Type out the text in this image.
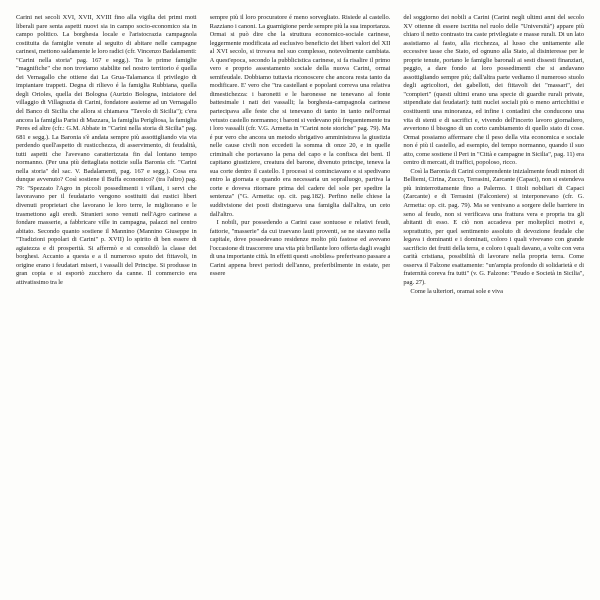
Carini nei secoli XVI, XVII, XVIII fino alla vigilia dei primi moti liberali pare senta aspetti nuovi sia in campo socio-economico sia in campo politico. La borghesia locale e l'aristocrazia campagnola costituita da famiglie venute al seguito di abitare nelle campagne carinesi, mettono saldamente le loro radici (cfr. Vincenzo Badalamenti: "Carini nella storia" pag. 167 e segg.). Tra le prime famiglie "magnifiche" che non troviamo stabilite nel nostro territorio é quella dei Vernagallo che ottiene dai La Grua-Talamanca il privilegio di impiantare trappeti. Degna di rilievo é la famiglia Rubbiana, quella degli Orioles, quella dei Bologna (Aurizio Bologna, iniziatore del villaggio di Villagrazia di Carini, fondatore assieme ad un Vernagallo del Banco di Sicilia che allora si chiamava "Tavolo di Sicilia"); c'era ancora la famiglia Parisi di Mazzara, la famiglia Perigliosa, la famiglia Peres ed altre (cfr.: G.M. Abbate in "Carini nella storia di Sicilia" pag. 681 e segg.). La Baronia s'è andata sempre più assottigliando via via perdendo quell'aspetto di rusticchezza, di asservimento, di feudalità, tutti aspetti che l'avevano caratterizzata fin dal lontano tempo normanno. (Per una più dettagliata notizie sulla Baronia cfr. "Carini nella storia" del sac. V. Badalamenti, pag. 167 e segg.). Cosa era dunque avvenuto? Così sostiene il Buffa economico? (tra l'altro) pag. 79: "Spezzato l'Agro in piccoli possedimenti i villani, i servi che lavoravano per il feudatario vengono sostituiti dai rustici liberi divenuti proprietari che lavorano le loro terre, le migliorano e le trasmettono agli eredi. Stranieri sono venuti nell'Agro carinese a fondare masserie, a fabbricare ville in campagna, palazzi nel centro abitato. Secondo quanto sostiene il Mannino (Mannino Giuseppe in "Tradizioni popolari di Carini" p. XVII) lo spirito di ben essere di agiatezza e di prosperità. Si affermò e si consolidò la classe dei borghesi. Accanto a questa e a il numeroso sputo dei fittavoli, in origine erano i feudatari miseri, i vassalli del Principe. Si produsse in gran copia e si esportò zucchero da canne. Il commercio era attivatissimo tra le

sempre più il loro procuratore é meno sorvegliato. Risiede al castello. Razziano i canoni. La guarnigione perde sempre più la sua importanza. Ormai si può dire che la struttura economico-sociale carinese, leggermente modificata ad esclusivo beneficio dei liberi valori del XII al XVI secolo, si trovava nel suo complesso, notevolmente cambiata. A quest'epoca, secondo la pubblicistica carinese, si fa risalire il primo vero e proprio assestamento sociale della nuova Carini, ormai semifeudale. Dobbiamo tuttavia riconoscere che ancora resta tanto da modificare. E' vero che "tra castellani e popolani correva una relativa dimestichezza: i baronetti e le baronesse ne tenevano al fonte battesimale i nati dei vassalli; la borghesia-campagnola carinese partecipava alle feste che si tenevano di tanto in tanto nell'ormai vetusto castello normanno; i baroni si vedevano più frequentemente tra i loro vassalli (cfr. V.G. Armetta in "Carini note storiche" pag. 79). Ma é pur vero che ancora un metodo sbrigativo amministrava la giustizia nelle cause civili non eccedeti la somma di onze 20, e in quelle criminali che portavano la pena del capo e la confisca dei beni. Il capitano giustiziere, creatura del barone, divenuto principe, teneva la sua corte dentro il castello. I processi si cominciavano e si spedivano entro la giornata e quando era necessaria un sopralluogo, partiva la corte e doveva ritornare prima del cadere del sole per spedire la sentenza" ("G. Armetta: op. cit. pag.182). Perfino nelle chiese la suddivisione dei posti distingueva una famiglia dall'altra, un ceto dall'altro.

I nobili, pur possedendo a Carini case sontuose e relativi feudi, fattorie, "masserie" da cui traevano lauti proventi, se ne stavano nella capitale, dove possedevano residenze molto più fastose ed avevano l'occasione di trascorrere una vita più brillante loro offerta dagli svaghi di una importante città. In effetti questi «nobiles» preferivano passare a Carini appena brevi periodi dell'anno, preferibilmente in estate, per essere

del soggiorno dei nobili a Carini (Carini negli ultimi anni del secolo XV ottenne di essere iscritta nel ruolo delle "Università") appare più chiaro il netto contrasto tra caste privilegiate e masse rurali. Di un lato assistiamo al fasto, alla ricchezza, al lusso che unitamente alle eccessive tasse che Stato, ed ognuno alla Stato, al disinteresse per le proprie tenute, portano le famiglie baronali ai sesti dissesti finanziari, peggio, a dare fondo ai loro possedimenti che si andavano assottigliando sempre più; dall'altra parte vediamo il numeroso stuolo degli agricoltori, dei gabelloti, dei fittavoli dei "massari", dei "compieri" (questi ultimi erano una specie di guardie rurali private, stipendiate dai feudatari): tutti nuclei sociali più o meno arricchitisi e costituenti una minoranza, ed infine i contadini che conducono una vita di stenti e di sacrifici e, vivendo dell'incerto lavoro giornaliero, avvertono il bisogno di un corto cambiamento di quello stato di cose. Ormai possiamo affermare che il peso della vita economica e sociale non é più il castello, ad esempio, del tempo normanno, quando il suo atto, come sostiene il Peri in "Città e campagne in Sicilia", pag. 11) era centro di mercati, di traffici, popoloso, ricco.

Così la Baronia di Carini comprendente inizialmente feudi minori di Belliemi, Cirina, Zucco, Terrasini, Zarcante (Capaci), non si estendeva più ininterrottamente fino a Palermo. I titoli nobiliari di Capaci (Zarcante) e di Terrasini (Falconiere) si interponevano (cfr. G. Armetta: op. cit. pag. 79). Ma se venivano a sorgere delle barriere in seno al feudo, non si verificava una frattura vera e propria tra gli abitanti di esso. E ciò non accadeva per molteplici motivi e, soprattutto, per quel sentimento assoluto di devozione feudale che legava i dominanti e i dominati, coloro i quali vivevano con grande sacrificio dei frutti della terra, e coloro i quali davano, a volte con vera carità cristiana, possibilità di lavorare nella propria terra. Come osserva il Falzone esattamente: "un'ampia profondo di solidarietà e di fraternità coreva fra tutti" (v. G. Falzone: "Feudo e Società in Sicilia", pag. 27).

Come la ulteriori, oramai sole e viva
